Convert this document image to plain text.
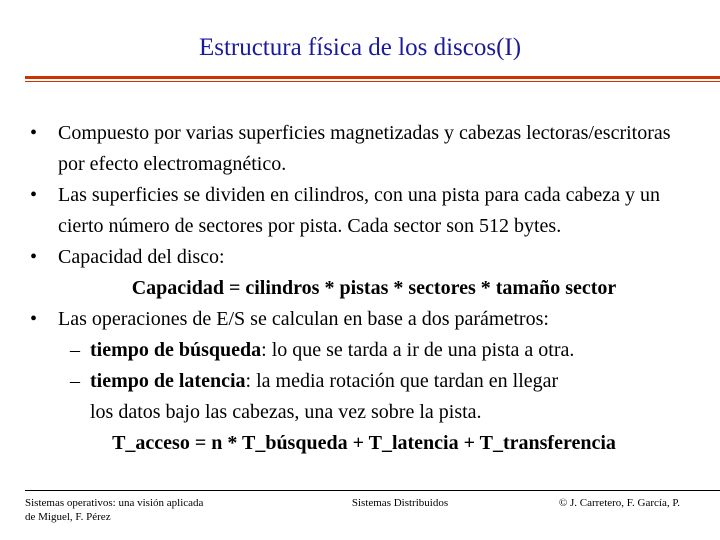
Estructura física de los discos(I)
• Compuesto por varias superficies magnetizadas y cabezas lectoras/escritoras por efecto electromagnético.
• Las superficies se dividen en cilindros, con una pista para cada cabeza y un cierto número de sectores por pista. Cada sector son 512 bytes.
• Capacidad del disco:
Capacidad = cilindros * pistas * sectores * tamaño sector
• Las operaciones de E/S se calculan en base a dos parámetros:
– tiempo de búsqueda: lo que se tarda a ir de una pista a otra.
– tiempo de latencia: la media rotación que tardan en llegar
los datos bajo las cabezas, una vez sobre la pista.
T_acceso = n * T_búsqueda + T_latencia + T_transferencia
Sistemas operativos: una visión aplicada
de Miguel, F. Pérez
Sistemas Distribuidos	© J. Carretero, F. García, P.
